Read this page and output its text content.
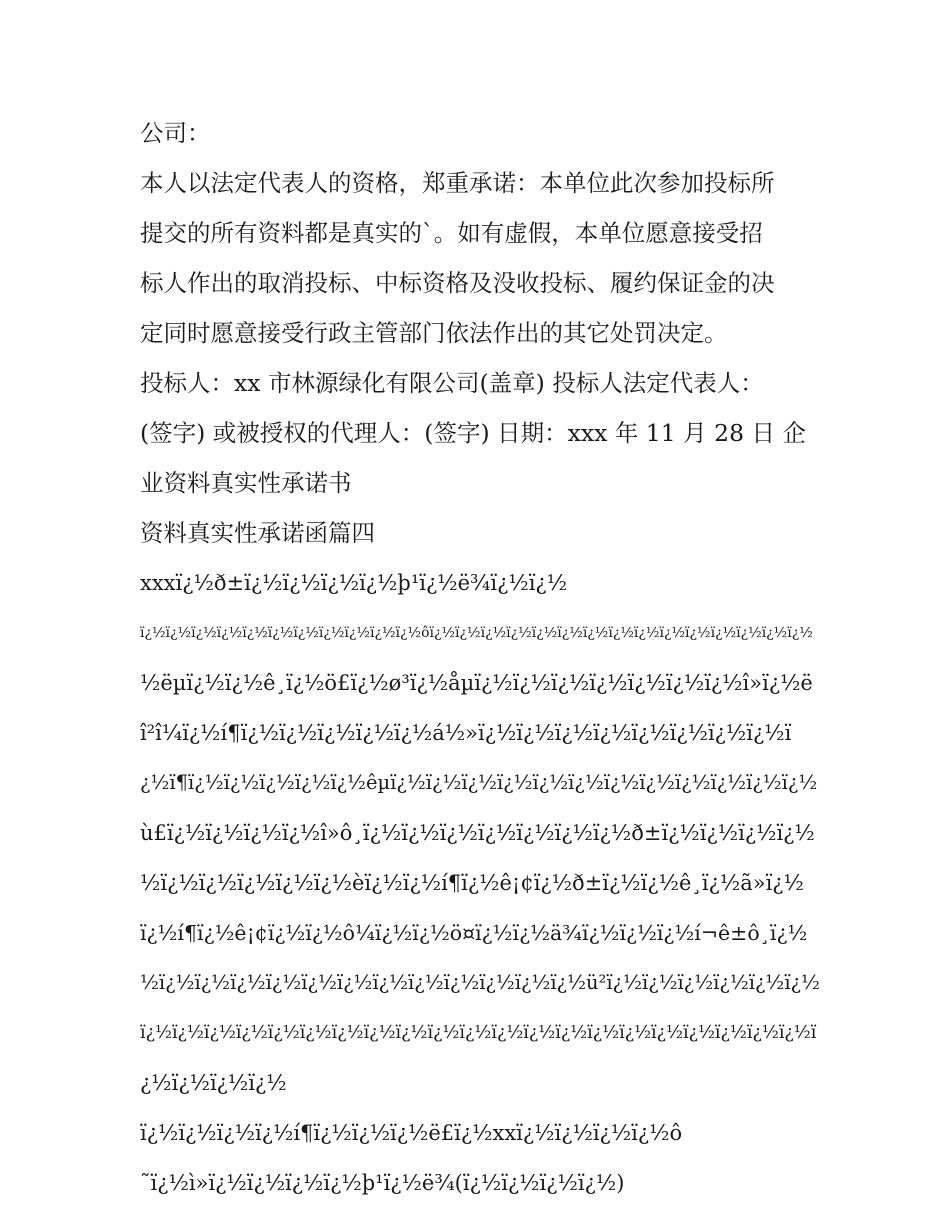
公司：
本人以法定代表人的资格，郑重承诺：本单位此次参加投标所
提交的所有资料都是真实的`。如有虚假，本单位愿意接受招
标人作出的取消投标、中标资格及没收投标、履约保证金的决
定同时愿意接受行政主管部门依法作出的其它处罚决定。
投标人：xx 市林源绿化有限公司(盖章) 投标人法定代表人：
(签字) 或被授权的代理人：(签字) 日期：xxx 年 11 月 28 日 企
业资料真实性承诺书
资料真实性承诺函篇四
xxxï¿½ð±ï¿½ï¿½ï¿½ï¿½þ¹ï¿½ë¾ï¿½ï¿½
ï¿½ï¿½ï¿½ï¿½ï¿½ï¿½ï¿½ï¿½ï¿½ï¿½ï¿½ôï¿½ï¿½ï¿½ï¿½ï¿½ï¿½ï¿½ï¿½ï¿½ï¿½ï¿½ï¿½ï¿½ï¿½ï¿½
½ëµï¿½ï¿½ê¸ï¿½ö£ï¿½ø³ï¿½åµï¿½ï¿½ï¿½ï¿½ï¿½ï¿½ï¿½î»ï¿½ë
î²î¼ï¿½í¶ï¿½ï¿½ï¿½ï¿½ï¿½á½»ï¿½ï¿½ï¿½ï¿½ï¿½ï¿½ï¿½ï¿½ï
¿½ï¶ï¿½ï¿½ï¿½ï¿½ï¿½êµï¿½ï¿½ï¿½ï¿½ï¿½ï¿½ï¿½ï¿½ï¿½ï¿½ï¿½ï¿½
ù£ï¿½ï¿½ï¿½ï¿½î»ô¸ï¿½ï¿½ï¿½ï¿½ï¿½ï¿½ï¿½ð±ï¿½ï¿½ï¿½ï¿½
½ï¿½ï¿½ï¿½ï¿½ï¿½èï¿½ï¿½í¶ï¿½ê¡¢ï¿½ð±ï¿½ï¿½ê¸ï¿½ã»ï¿½
ï¿½í¶ï¿½ê¡¢ï¿½ï¿½ô¼ï¿½ï¿½ö¤ï¿½ï¿½ä¾ï¿½ï¿½ï¿½í¬ê±ô¸ï¿½
½ï¿½ï¿½ï¿½ï¿½ï¿½ï¿½ï¿½ï¿½ï¿½ï¿½ï¿½ï¿½ü²ï¿½ï¿½ï¿½ï¿½ï¿½ï¿½
ï¿½ï¿½ï¿½ï¿½ï¿½ï¿½ï¿½ï¿½ï¿½ï¿½ï¿½ï¿½ï¿½ï¿½ï¿½ï¿½ï¿½ï¿½ï¿½ï¿½ï¿½ï
¿½ï¿½ï¿½ï¿½
ï¿½ï¿½ï¿½ï¿½í¶ï¿½ï¿½ï¿½ë£ï¿½xxï¿½ï¿½ï¿½ï¿½ô
˜ï¿½ì»ï¿½ï¿½ï¿½ï¿½þ¹ï¿½ë¾(ï¿½ï¿½ï¿½ï¿½)
